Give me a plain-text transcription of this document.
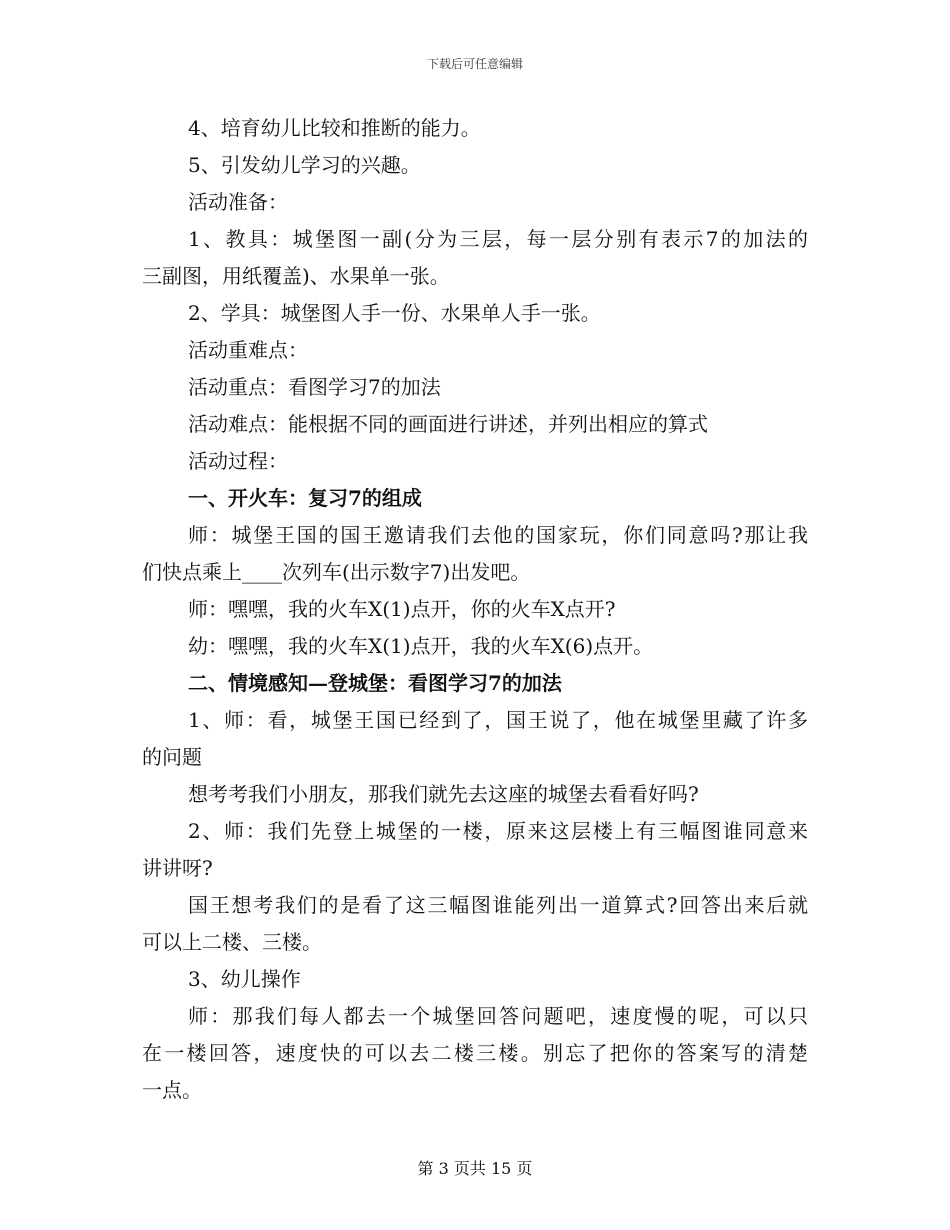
下载后可任意编辑
4、培育幼儿比较和推断的能力。
5、引发幼儿学习的兴趣。
活动准备：
1、教具：城堡图一副(分为三层，每一层分别有表示7的加法的
三副图，用纸覆盖)、水果单一张。
2、学具：城堡图人手一份、水果单人手一张。
活动重难点：
活动重点：看图学习7的加法
活动难点：能根据不同的画面进行讲述，并列出相应的算式
活动过程：
一、开火车：复习7的组成
师：城堡王国的国王邀请我们去他的国家玩，你们同意吗?那让我
们快点乘上____次列车(出示数字7)出发吧。
师：嘿嘿，我的火车X(1)点开，你的火车X点开?
幼：嘿嘿，我的火车X(1)点开，我的火车X(6)点开。
二、情境感知—登城堡：看图学习7的加法
1、师：看，城堡王国已经到了，国王说了，他在城堡里藏了许多
的问题
想考考我们小朋友，那我们就先去这座的城堡去看看好吗?
2、师：我们先登上城堡的一楼，原来这层楼上有三幅图谁同意来
讲讲呀?
国王想考我们的是看了这三幅图谁能列出一道算式?回答出来后就
可以上二楼、三楼。
3、幼儿操作
师：那我们每人都去一个城堡回答问题吧，速度慢的呢，可以只
在一楼回答，速度快的可以去二楼三楼。别忘了把你的答案写的清楚
一点。
第 3 页共 15 页
